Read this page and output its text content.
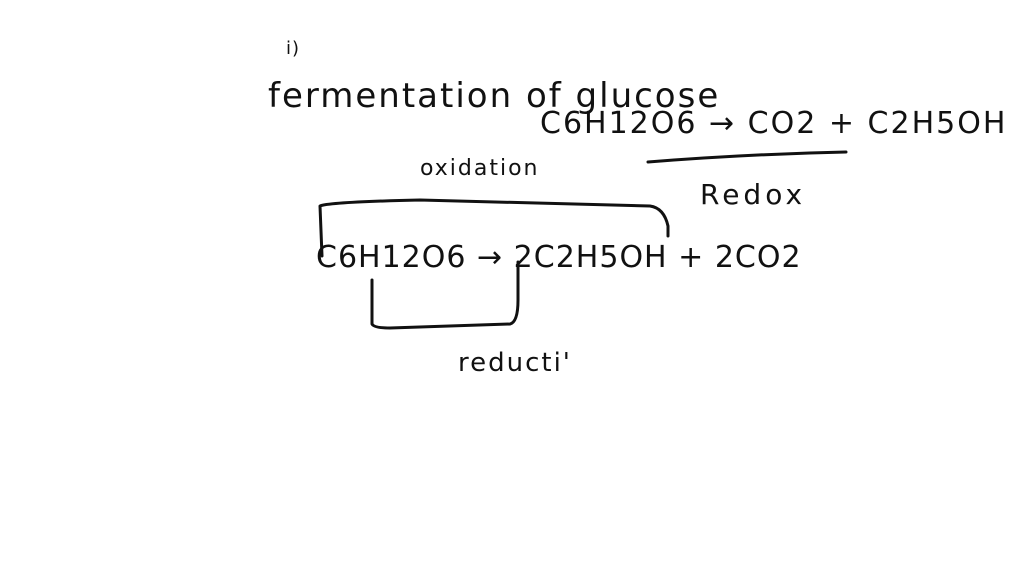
i)
fermentation of glucose
C6H12O6 → CO2 + C2H5OH
Redox
oxidation
C6H12O6 → 2C2H5OH + 2CO2
reducti'
